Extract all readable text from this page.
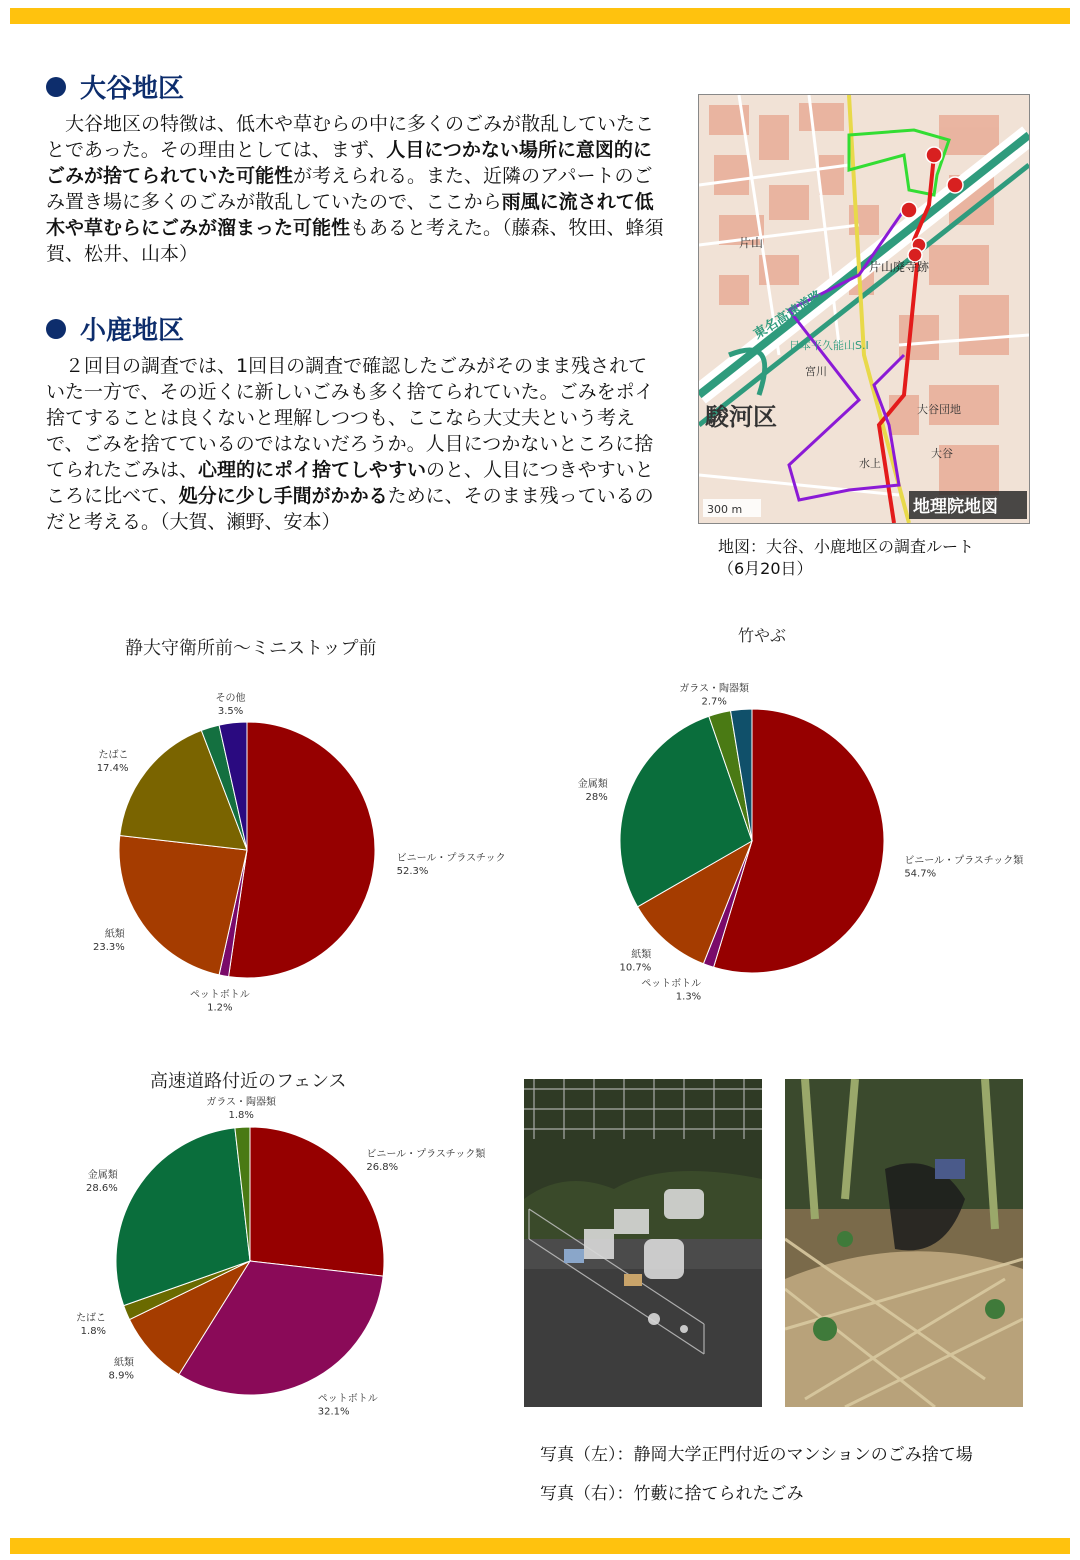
大谷地区

大谷地区の特徴は、低木や草むらの中に多くのごみが散乱していたことであった。その理由としては、まず、人目につかない場所に意図的にごみが捨てられていた可能性が考えられる。また、近隣のアパートのごみ置き場に多くのごみが散乱していたので、ここから雨風に流されて低木や草むらにごみが溜まった可能性もあると考えた。（藤森、牧田、蜂須賀、松井、山本）

小鹿地区

２回目の調査では、1回目の調査で確認したごみがそのまま残されていた一方で、その近くに新しいごみも多く捨てられていた。ごみをポイ捨てすることは良くないと理解しつつも、ここなら大丈夫という考えで、ごみを捨てているのではないだろうか。人目につかないところに捨てられたごみは、心理的にポイ捨てしやすいのと、人目につきやすいところに比べて、処分に少し手間がかかるために、そのまま残っているのだと考える。（大賀、瀬野、安本）

東名高速道路
駿河区
片山
片山廃寺跡
宮川
日本平久能山S.I
大谷団地
大谷
水上
300 m	地理院地図
地図：大谷、小鹿地区の調査ルート
（6月20日）
静大守衛所前〜ミニストップ前
ビニール・プラスチック
52.3%
ペットボトル
1.2%
紙類
23.3%
たばこ
17.4%
その他
3.5%
竹やぶ
ビニール・プラスチック類
54.7%
ペットボトル
1.3%
紙類
10.7%
金属類
28%
ガラス・陶器類
2.7%
高速道路付近のフェンス
ビニール・プラスチック類
26.8%
ペットボトル
32.1%
紙類
8.9%
たばこ
1.8%
金属類
28.6%
ガラス・陶器類
1.8%
写真（左）：静岡大学正門付近のマンションのごみ捨て場
写真（右）：竹藪に捨てられたごみ
